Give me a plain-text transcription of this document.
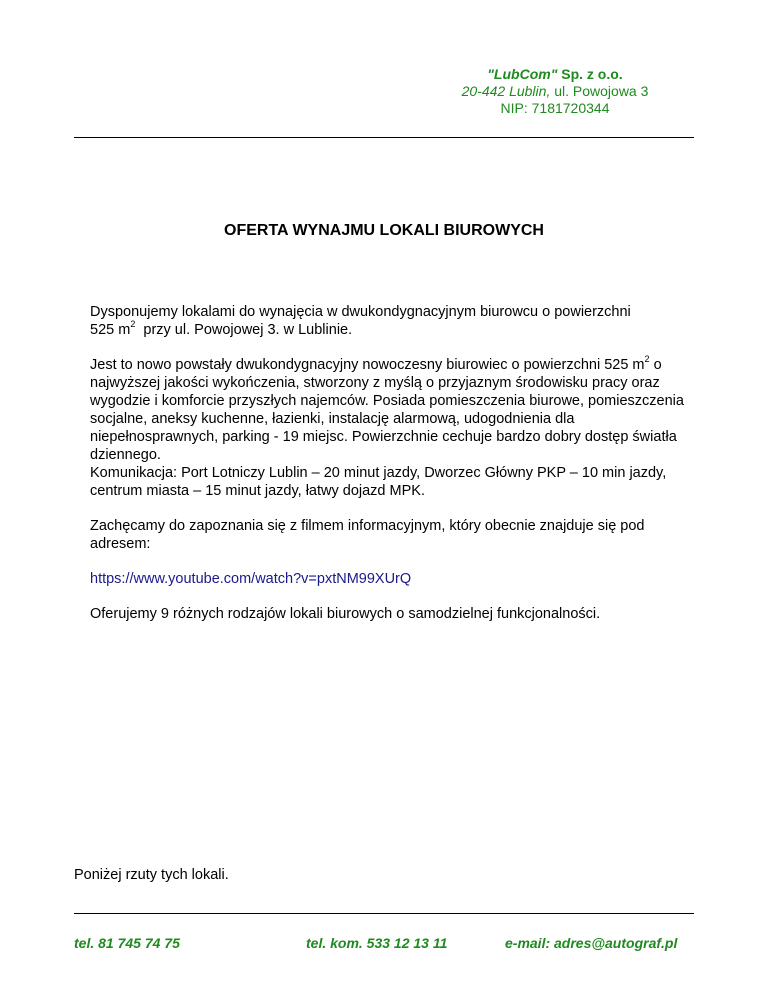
"LubCom" Sp. z o.o.
20-442 Lublin, ul. Powojowa 3
NIP: 7181720344
OFERTA WYNAJMU LOKALI BIUROWYCH

Dysponujemy lokalami do wynajęcia w dwukondygnacyjnym biurowcu o powierzchni
525 $m^2$  przy ul. Powojowej 3. w Lublinie.

Jest to nowo powstały dwukondygnacyjny nowoczesny biurowiec o powierzchni 525 $m^2$ o najwyższej jakości wykończenia, stworzony z myślą o przyjaznym środowisku pracy oraz wygodzie i komforcie przyszłych najemców. Posiada pomieszczenia biurowe, pomieszczenia socjalne, aneksy kuchenne, łazienki, instalację alarmową, udogodnienia dla niepełnosprawnych, parking - 19 miejsc. Powierzchnie cechuje bardzo dobry dostęp światła dziennego.

Komunikacja: Port Lotniczy Lublin – 20 minut jazdy, Dworzec Główny PKP – 10 min jazdy, centrum miasta – 15 minut jazdy, łatwy dojazd MPK.

Zachęcamy do zapoznania się z filmem informacyjnym, który obecnie znajduje się pod adresem:

https://www.youtube.com/watch?v=pxtNM99XUrQ

Oferujemy 9 różnych rodzajów lokali biurowych o samodzielnej funkcjonalności.

Poniżej rzuty tych lokali.
tel. 81 745 74 75	tel. kom. 533 12 13 11	e-mail: adres@autograf.pl
